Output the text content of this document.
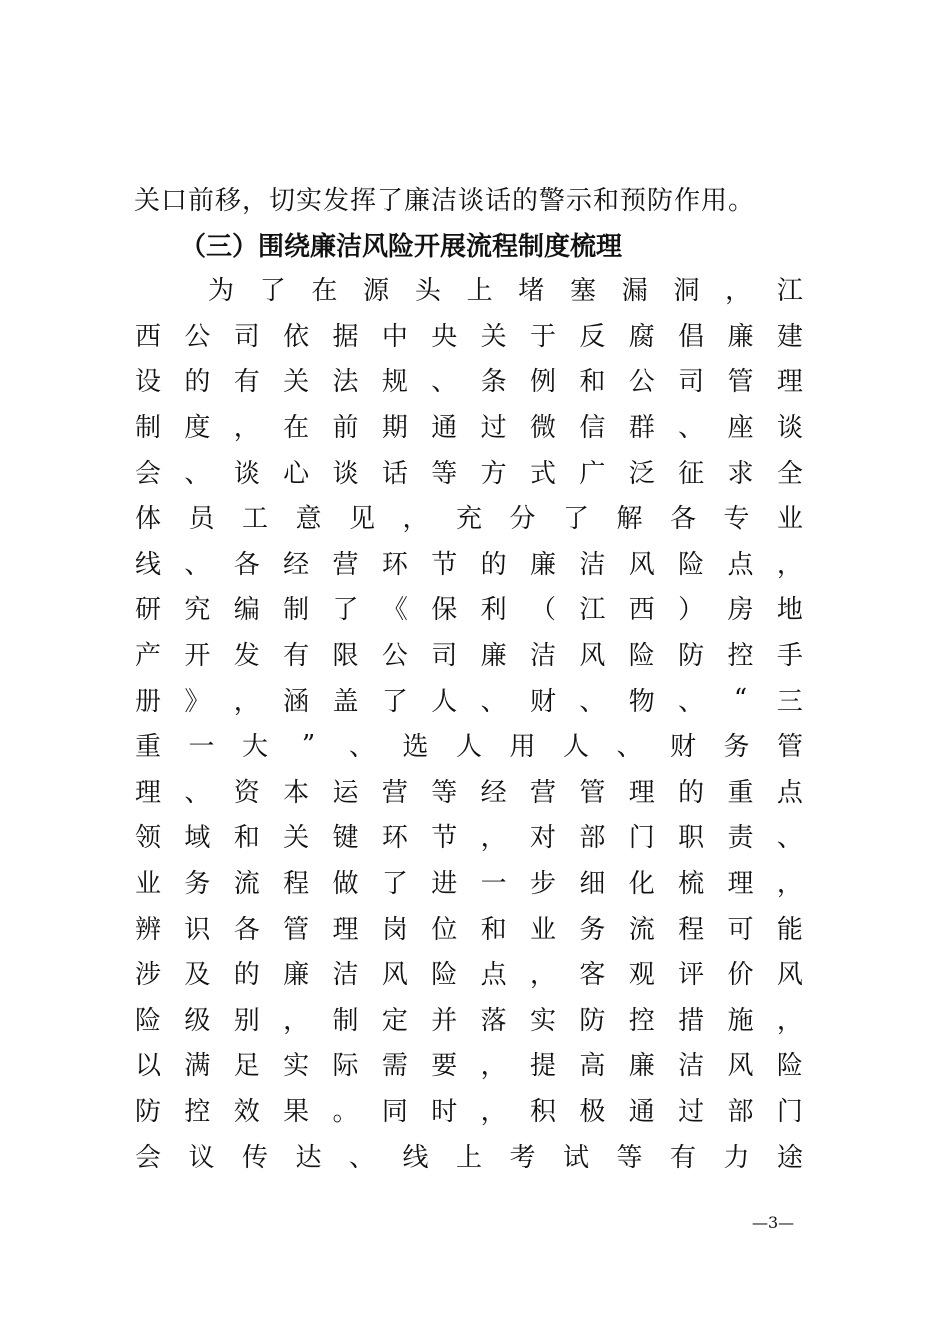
关口前移，切实发挥了廉洁谈话的警示和预防作用。
（三）围绕廉洁风险开展流程制度梳理
为 了 在 源 头 上 堵 塞 漏 洞 ， 江
西 公 司 依 据 中 央 关 于 反 腐 倡 廉 建
设 的 有 关 法 规 、 条 例 和 公 司 管 理
制 度 ， 在 前 期 通 过 微 信 群 、 座 谈
会 、 谈 心 谈 话 等 方 式 广 泛 征 求 全
体 员 工 意 见 ， 充 分 了 解 各 专 业
线 、 各 经 营 环 节 的 廉 洁 风 险 点 ，
研 究 编 制 了 《 保 利 （ 江 西 ） 房 地
产 开 发 有 限 公 司 廉 洁 风 险 防 控 手
册 》 ， 涵 盖 了 人 、 财 、 物 、 “ 三
重 一 大 ” 、 选 人 用 人 、 财 务 管
理 、 资 本 运 营 等 经 营 管 理 的 重 点
领 域 和 关 键 环 节 ， 对 部 门 职 责 、
业 务 流 程 做 了 进 一 步 细 化 梳 理 ，
辨 识 各 管 理 岗 位 和 业 务 流 程 可 能
涉 及 的 廉 洁 风 险 点 ， 客 观 评 价 风
险 级 别 ， 制 定 并 落 实 防 控 措 施 ，
以 满 足 实 际 需 要 ， 提 高 廉 洁 风 险
防 控 效 果 。 同 时 ， 积 极 通 过 部 门
会 议 传 达 、 线 上 考 试 等 有 力 途
—3—
